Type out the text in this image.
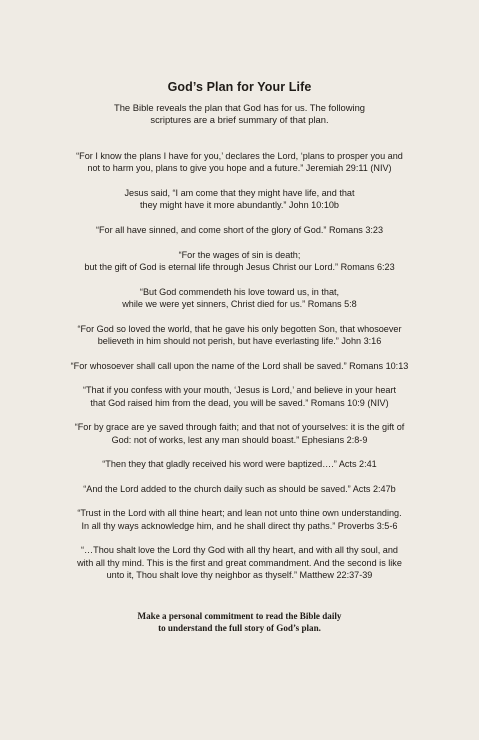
God’s Plan for Your Life
The Bible reveals the plan that God has for us. The following
scriptures are a brief summary of that plan.

“For I know the plans I have for you,’ declares the Lord, ‘plans to prosper you and
not to harm you, plans to give you hope and a future.” Jeremiah 29:11 (NIV)

Jesus said, “I am come that they might have life, and that
they might have it more abundantly.” John 10:10b

“For all have sinned, and come short of the glory of God.” Romans 3:23

“For the wages of sin is death;
but the gift of God is eternal life through Jesus Christ our Lord.” Romans 6:23

“But God commendeth his love toward us, in that,
while we were yet sinners, Christ died for us.” Romans 5:8

“For God so loved the world, that he gave his only begotten Son, that whosoever
believeth in him should not perish, but have everlasting life.” John 3:16

“For whosoever shall call upon the name of the Lord shall be saved.” Romans 10:13

“That if you confess with your mouth, ‘Jesus is Lord,’ and believe in your heart
that God raised him from the dead, you will be saved.” Romans 10:9 (NIV)

“For by grace are ye saved through faith; and that not of yourselves: it is the gift of
God: not of works, lest any man should boast.” Ephesians 2:8-9

“Then they that gladly received his word were baptized….” Acts 2:41

“And the Lord added to the church daily such as should be saved.” Acts 2:47b

“Trust in the Lord with all thine heart; and lean not unto thine own understanding.
In all thy ways acknowledge him, and he shall direct thy paths.” Proverbs 3:5-6

“…Thou shalt love the Lord thy God with all thy heart, and with all thy soul, and
with all thy mind. This is the first and great commandment. And the second is like
unto it, Thou shalt love thy neighbor as thyself.” Matthew 22:37-39

Make a personal commitment to read the Bible daily
to understand the full story of God’s plan.
